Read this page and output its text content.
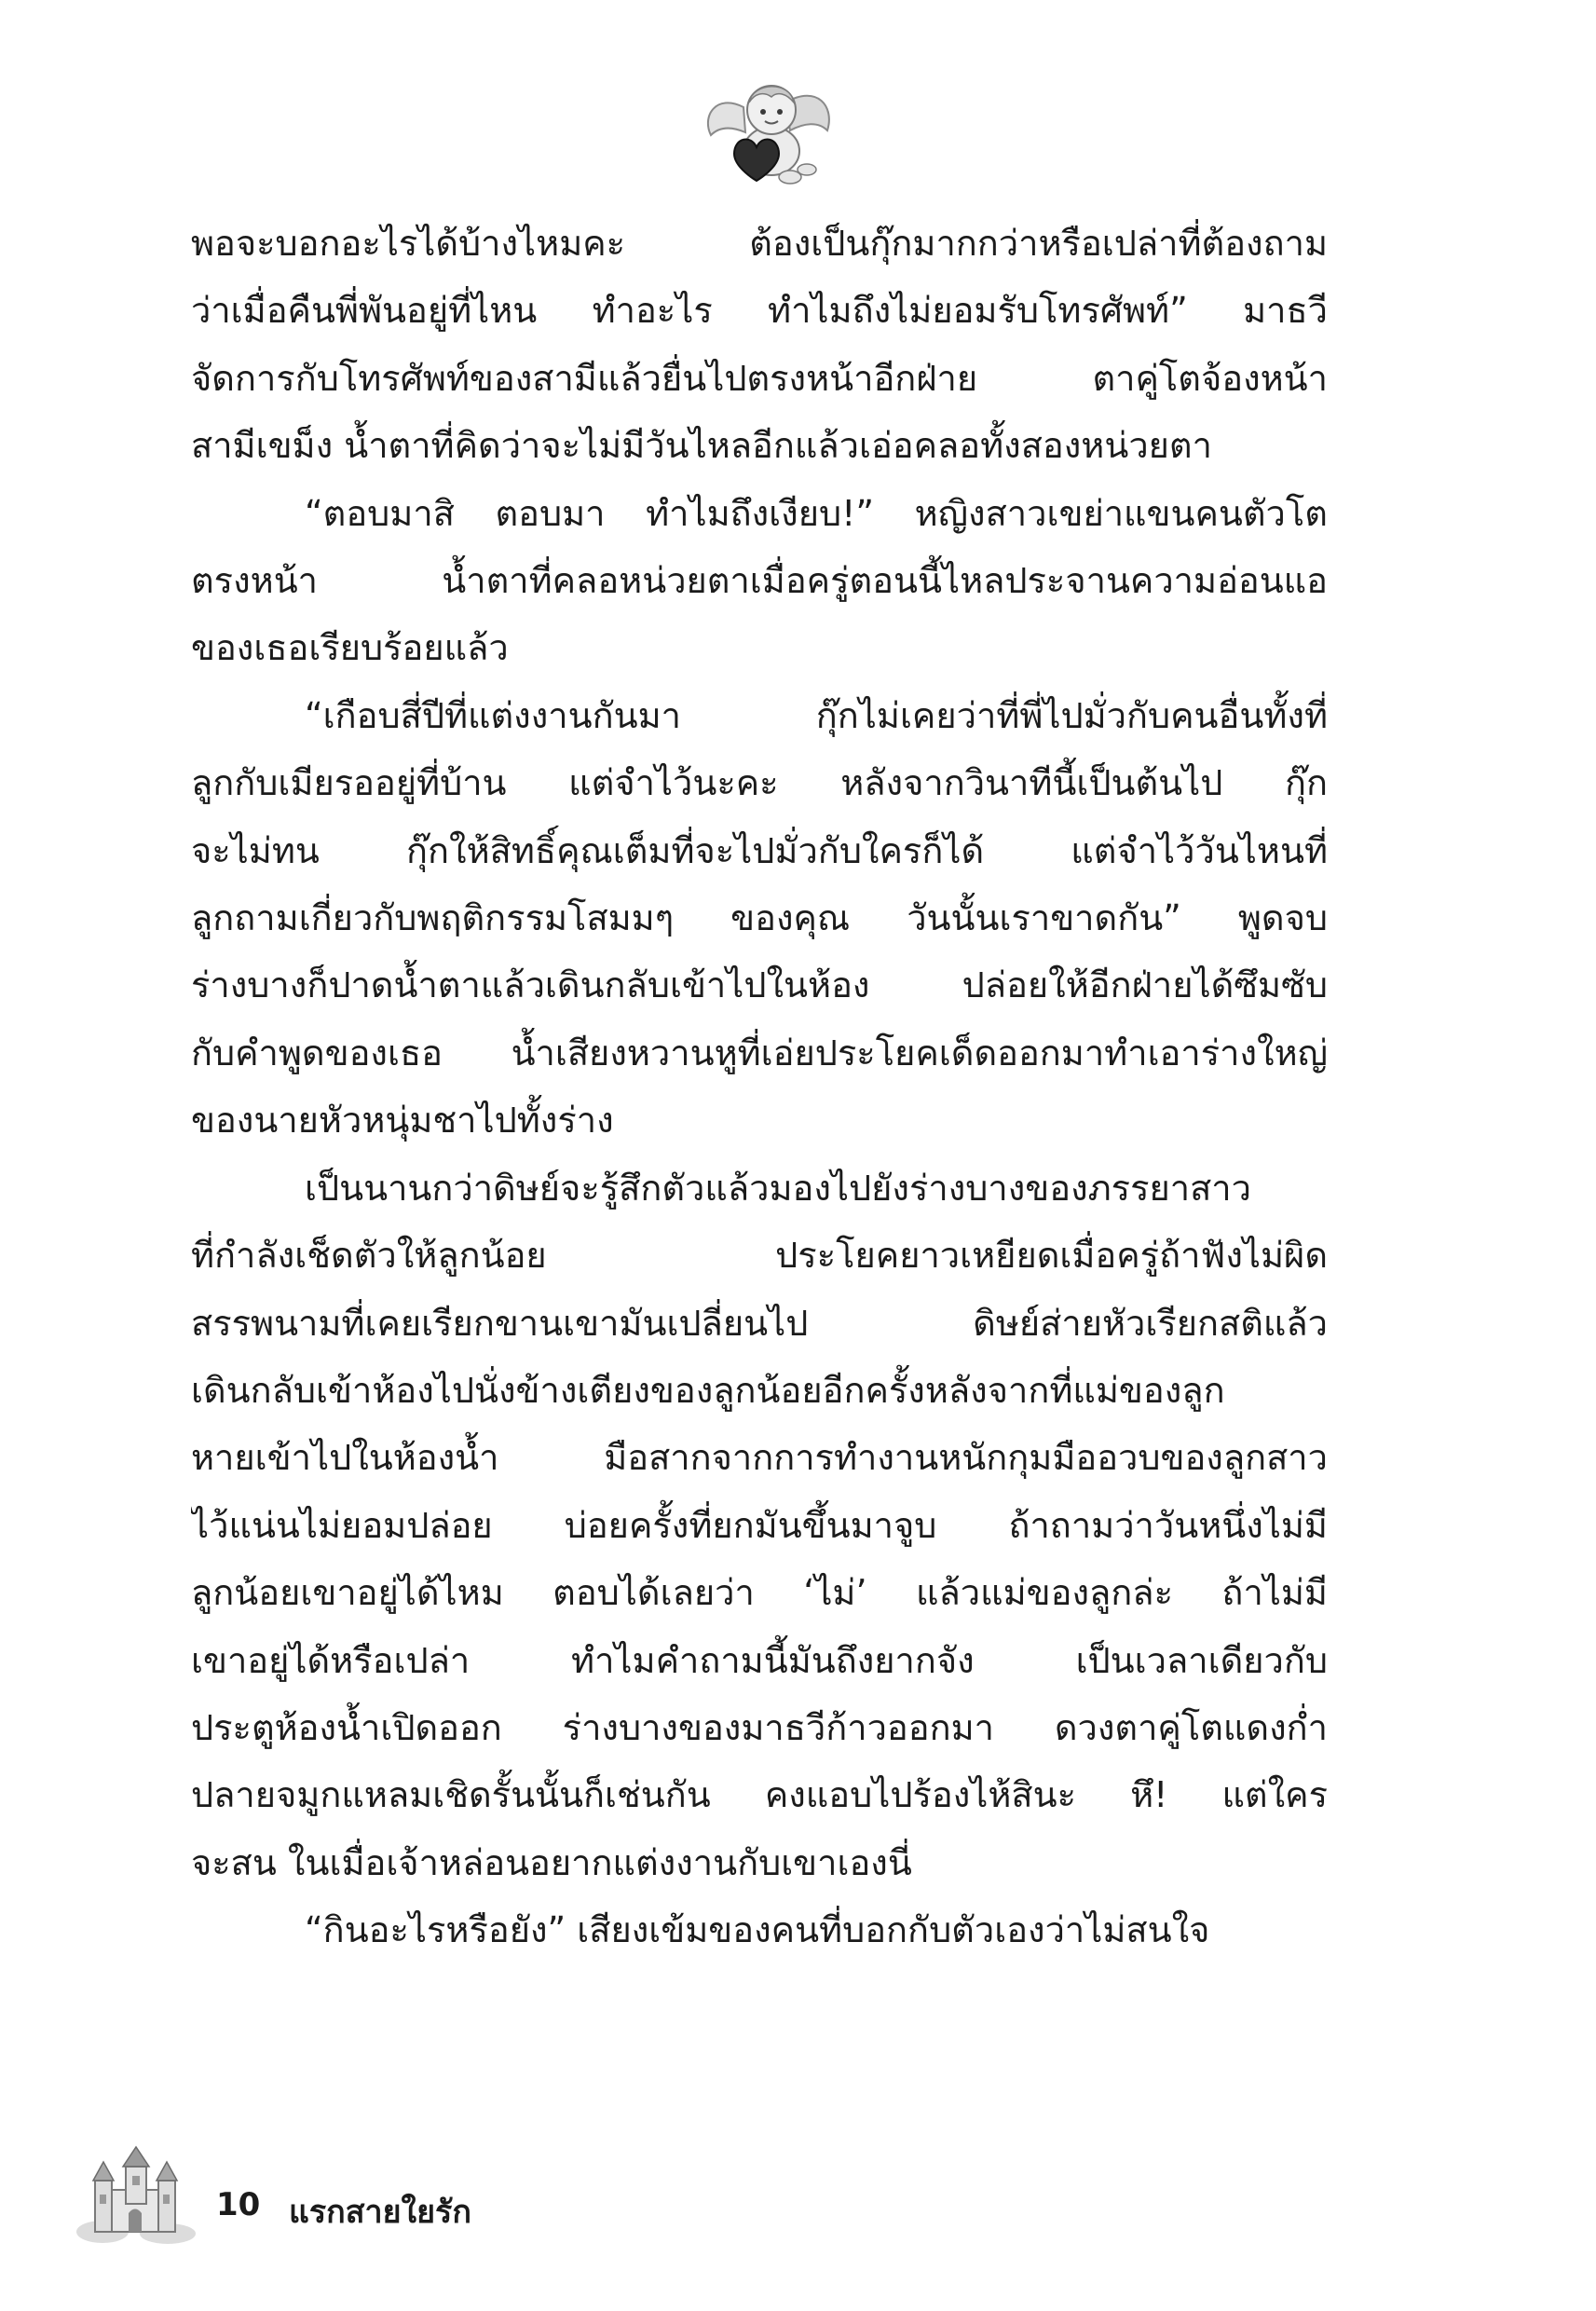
พอจะบอกอะไรได้บ้างไหมคะ ต้องเป็นกุ๊กมากกว่าหรือเปล่าที่ต้องถาม
ว่าเมื่อคืนพี่พันอยู่ที่ไหน ทำอะไร ทำไมถึงไม่ยอมรับโทรศัพท์” มาธวี
จัดการกับโทรศัพท์ของสามีแล้วยื่นไปตรงหน้าอีกฝ่าย ตาคู่โตจ้องหน้า
สามีเขม็ง น้ำตาที่คิดว่าจะไม่มีวันไหลอีกแล้วเอ่อคลอทั้งสองหน่วยตา

“ตอบมาสิ ตอบมา ทำไมถึงเงียบ!” หญิงสาวเขย่าแขนคนตัวโต
ตรงหน้า น้ำตาที่คลอหน่วยตาเมื่อครู่ตอนนี้ไหลประจานความอ่อนแอ
ของเธอเรียบร้อยแล้ว

“เกือบสี่ปีที่แต่งงานกันมา กุ๊กไม่เคยว่าที่พี่ไปมั่วกับคนอื่นทั้งที่
ลูกกับเมียรออยู่ที่บ้าน แต่จำไว้นะคะ หลังจากวินาทีนี้เป็นต้นไป กุ๊ก
จะไม่ทน กุ๊กให้สิทธิ์คุณเต็มที่จะไปมั่วกับใครก็ได้ แต่จำไว้วันไหนที่
ลูกถามเกี่ยวกับพฤติกรรมโสมมๆ ของคุณ วันนั้นเราขาดกัน” พูดจบ
ร่างบางก็ปาดน้ำตาแล้วเดินกลับเข้าไปในห้อง ปล่อยให้อีกฝ่ายได้ซึมซับ
กับคำพูดของเธอ น้ำเสียงหวานหูที่เอ่ยประโยคเด็ดออกมาทำเอาร่างใหญ่
ของนายหัวหนุ่มชาไปทั้งร่าง

เป็นนานกว่าดิษย์จะรู้สึกตัวแล้วมองไปยังร่างบางของภรรยาสาว
ที่กำลังเช็ดตัวให้ลูกน้อย ประโยคยาวเหยียดเมื่อครู่ถ้าฟังไม่ผิด
สรรพนามที่เคยเรียกขานเขามันเปลี่ยนไป ดิษย์ส่ายหัวเรียกสติแล้ว
เดินกลับเข้าห้องไปนั่งข้างเตียงของลูกน้อยอีกครั้งหลังจากที่แม่ของลูก
หายเข้าไปในห้องน้ำ มือสากจากการทำงานหนักกุมมืออวบของลูกสาว
ไว้แน่นไม่ยอมปล่อย บ่อยครั้งที่ยกมันขึ้นมาจูบ ถ้าถามว่าวันหนึ่งไม่มี
ลูกน้อยเขาอยู่ได้ไหม ตอบได้เลยว่า ‘ไม่’ แล้วแม่ของลูกล่ะ ถ้าไม่มี
เขาอยู่ได้หรือเปล่า ทำไมคำถามนี้มันถึงยากจัง เป็นเวลาเดียวกับ
ประตูห้องน้ำเปิดออก ร่างบางของมาธวีก้าวออกมา ดวงตาคู่โตแดงก่ำ
ปลายจมูกแหลมเชิดรั้นนั้นก็เช่นกัน คงแอบไปร้องไห้สินะ หึ! แต่ใคร
จะสน ในเมื่อเจ้าหล่อนอยากแต่งงานกับเขาเองนี่

“กินอะไรหรือยัง” เสียงเข้มของคนที่บอกกับตัวเองว่าไม่สนใจ

10 แรกสายใยรัก
